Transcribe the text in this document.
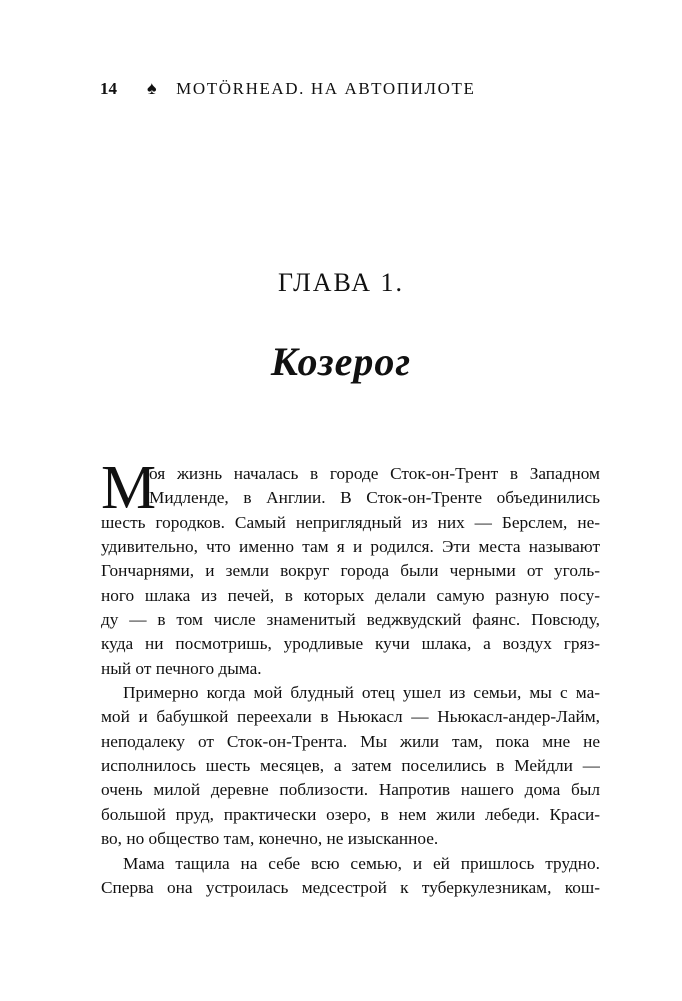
14 ♠ MOTÖRHEAD. НА АВТОПИЛОТЕ
ГЛАВА 1.
Козерог
М
оя жизнь началась в городе Сток-он-Трент в Западном
Мидленде, в Англии. В Сток-он-Тренте объединились
шесть городков. Самый неприглядный из них — Берслем, не-
удивительно, что именно там я и родился. Эти места называют
Гончарнями, и земли вокруг города были черными от уголь-
ного шлака из печей, в которых делали самую разную посу-
ду — в том числе знаменитый веджвудский фаянс. Повсюду,
куда ни посмотришь, уродливые кучи шлака, а воздух гряз-
ный от печного дыма.
Примерно когда мой блудный отец ушел из семьи, мы с ма-
мой и бабушкой переехали в Ньюкасл — Ньюкасл-андер-Лайм,
неподалеку от Сток-он-Трента. Мы жили там, пока мне не
исполнилось шесть месяцев, а затем поселились в Мейдли —
очень милой деревне поблизости. Напротив нашего дома был
большой пруд, практически озеро, в нем жили лебеди. Краси-
во, но общество там, конечно, не изысканное.
Мама тащила на себе всю семью, и ей пришлось трудно.
Сперва она устроилась медсестрой к туберкулезникам, кош-
